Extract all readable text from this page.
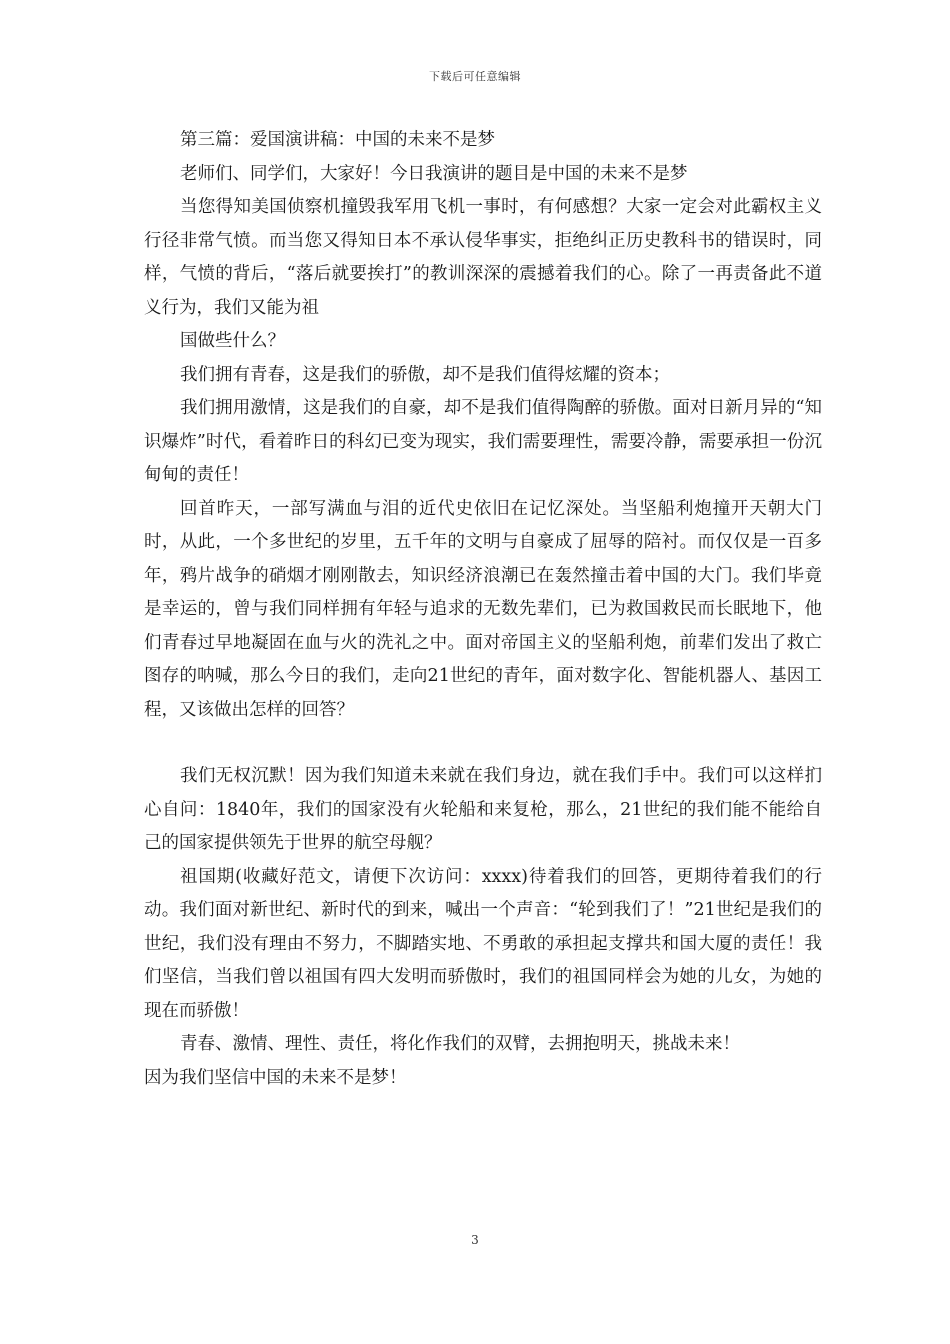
下载后可任意编辑

第三篇：爱国演讲稿：中国的未来不是梦

老师们、同学们，大家好！今日我演讲的题目是中国的未来不是梦

当您得知美国侦察机撞毁我军用飞机一事时，有何感想？大家一定会对此霸权主义行径非常气愤。而当您又得知日本不承认侵华事实，拒绝纠正历史教科书的错误时，同样，气愤的背后，“落后就要挨打”的教训深深的震撼着我们的心。除了一再责备此不道义行为，我们又能为祖

国做些什么？

我们拥有青春，这是我们的骄傲，却不是我们值得炫耀的资本；

我们拥用激情，这是我们的自豪，却不是我们值得陶醉的骄傲。面对日新月异的“知识爆炸”时代，看着昨日的科幻已变为现实，我们需要理性，需要冷静，需要承担一份沉甸甸的责任！

回首昨天，一部写满血与泪的近代史依旧在记忆深处。当坚船利炮撞开天朝大门时，从此，一个多世纪的岁里，五千年的文明与自豪成了屈辱的陪衬。而仅仅是一百多年，鸦片战争的硝烟才刚刚散去，知识经济浪潮已在轰然撞击着中国的大门。我们毕竟是幸运的，曾与我们同样拥有年轻与追求的无数先辈们，已为救国救民而长眠地下，他们青春过早地凝固在血与火的洗礼之中。面对帝国主义的坚船利炮，前辈们发出了救亡图存的呐喊，那么今日的我们，走向21世纪的青年，面对数字化、智能机器人、基因工程，又该做出怎样的回答？

我们无权沉默！因为我们知道未来就在我们身边，就在我们手中。我们可以这样扪心自问：1840年，我们的国家没有火轮船和来复枪，那么，21世纪的我们能不能给自己的国家提供领先于世界的航空母舰？

祖国期(收藏好范文，请便下次访问：xxxx)待着我们的回答，更期待着我们的行动。我们面对新世纪、新时代的到来，喊出一个声音：“轮到我们了！”21世纪是我们的世纪，我们没有理由不努力，不脚踏实地、不勇敢的承担起支撑共和国大厦的责任！我们坚信，当我们曾以祖国有四大发明而骄傲时，我们的祖国同样会为她的儿女，为她的现在而骄傲！

青春、激情、理性、责任，将化作我们的双臂，去拥抱明天，挑战未来！

因为我们坚信中国的未来不是梦！

3
